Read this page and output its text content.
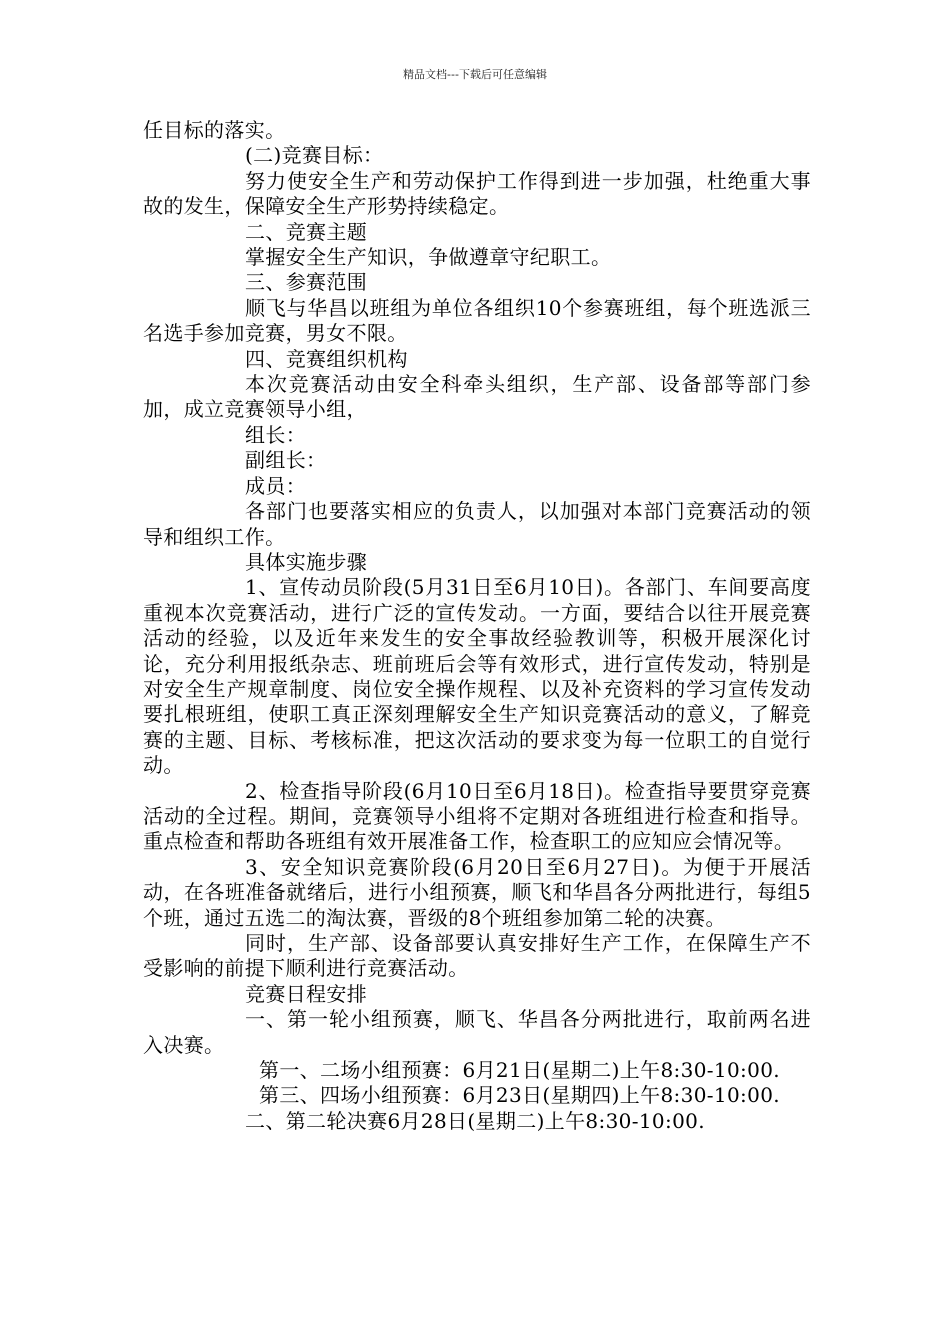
精品文档---下载后可任意编辑

任目标的落实。

(二)竞赛目标：

努力使安全生产和劳动保护工作得到进一步加强，杜绝重大事故的发生，保障安全生产形势持续稳定。

二、竞赛主题

掌握安全生产知识，争做遵章守纪职工。

三、参赛范围

顺飞与华昌以班组为单位各组织10个参赛班组，每个班选派三名选手参加竞赛，男女不限。

四、竞赛组织机构

本次竞赛活动由安全科牵头组织，生产部、设备部等部门参加，成立竞赛领导小组，

组长：

副组长：

成员：

各部门也要落实相应的负责人，以加强对本部门竞赛活动的领导和组织工作。

具体实施步骤

1、宣传动员阶段(5月31日至6月10日)。各部门、车间要高度重视本次竞赛活动，进行广泛的宣传发动。一方面，要结合以往开展竞赛活动的经验，以及近年来发生的安全事故经验教训等，积极开展深化讨论，充分利用报纸杂志、班前班后会等有效形式，进行宣传发动，特别是对安全生产规章制度、岗位安全操作规程、以及补充资料的学习宣传发动要扎根班组，使职工真正深刻理解安全生产知识竞赛活动的意义，了解竞赛的主题、目标、考核标准，把这次活动的要求变为每一位职工的自觉行动。

2、检查指导阶段(6月10日至6月18日)。检查指导要贯穿竞赛活动的全过程。期间，竞赛领导小组将不定期对各班组进行检查和指导。重点检查和帮助各班组有效开展准备工作，检查职工的应知应会情况等。

3、安全知识竞赛阶段(6月20日至6月27日)。为便于开展活动，在各班准备就绪后，进行小组预赛，顺飞和华昌各分两批进行，每组5个班，通过五选二的淘汰赛，晋级的8个班组参加第二轮的决赛。

同时，生产部、设备部要认真安排好生产工作，在保障生产不受影响的前提下顺利进行竞赛活动。

竞赛日程安排

一、第一轮小组预赛，顺飞、华昌各分两批进行，取前两名进入决赛。

第一、二场小组预赛：6月21日(星期二)上午8:30-10:00.

第三、四场小组预赛：6月23日(星期四)上午8:30-10:00.

二、第二轮决赛6月28日(星期二)上午8:30-10:00.
